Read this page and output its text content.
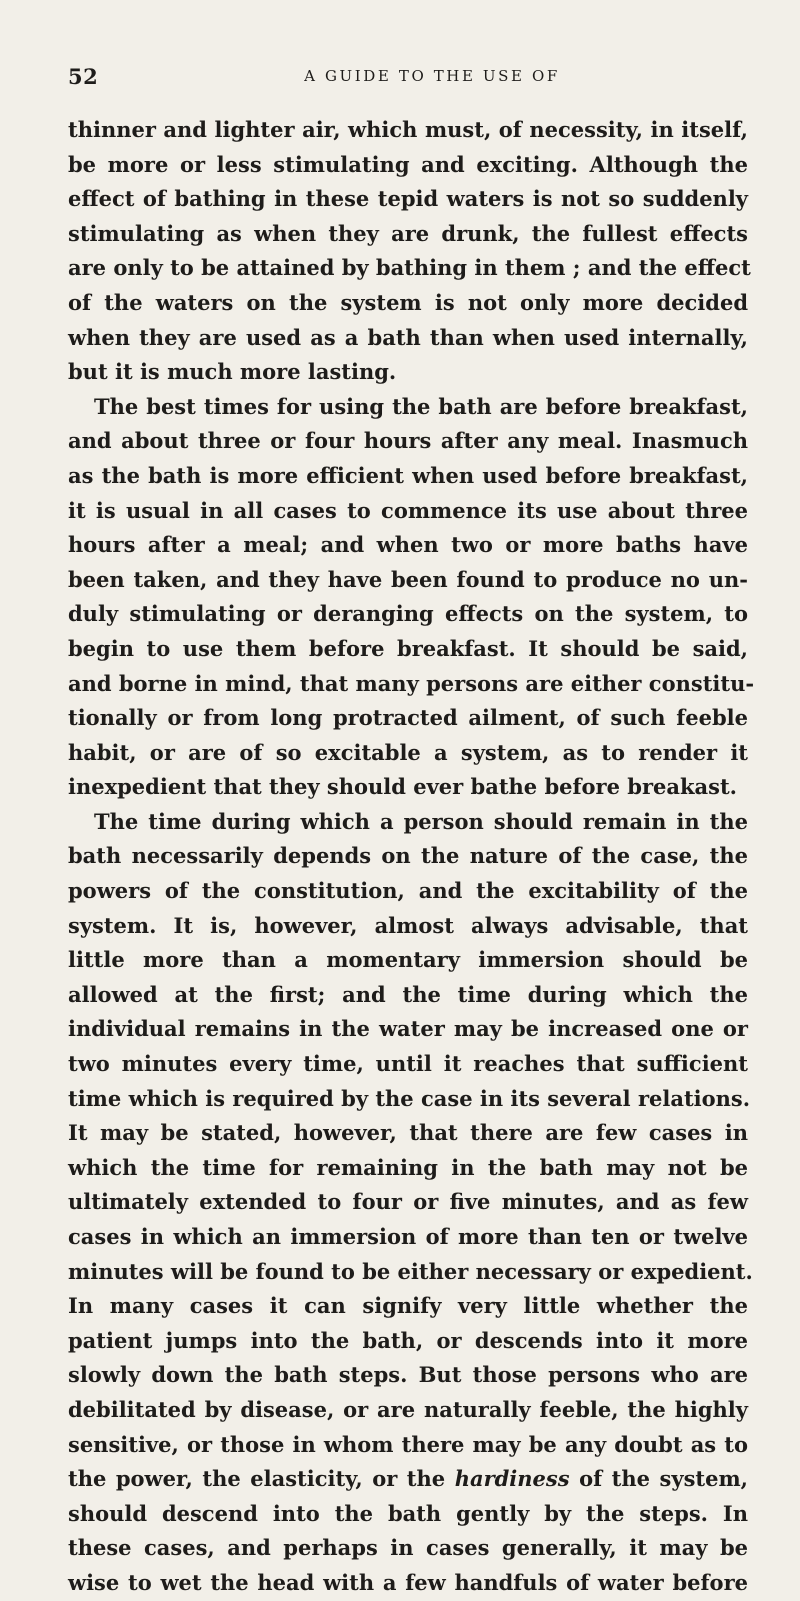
52	A GUIDE TO THE USE OF
thinner and lighter air, which must, of necessity, in itself,
be more or less stimulating and exciting. Although the
effect of bathing in these tepid waters is not so suddenly
stimulating as when they are drunk, the fullest effects
are only to be attained by bathing in them ; and the effect
of the waters on the system is not only more decided
when they are used as a bath than when used internally,
but it is much more lasting.
The best times for using the bath are before breakfast,
and about three or four hours after any meal. Inasmuch
as the bath is more efficient when used before breakfast,
it is usual in all cases to commence its use about three
hours after a meal; and when two or more baths have
been taken, and they have been found to produce no un-
duly stimulating or deranging effects on the system, to
begin to use them before breakfast. It should be said,
and borne in mind, that many persons are either constitu-
tionally or from long protracted ailment, of such feeble
habit, or are of so excitable a system, as to render it
inexpedient that they should ever bathe before breakast.
The time during which a person should remain in the
bath necessarily depends on the nature of the case, the
powers of the constitution, and the excitability of the
system. It is, however, almost always advisable, that
little more than a momentary immersion should be
allowed at the first; and the time during which the
individual remains in the water may be increased one or
two minutes every time, until it reaches that sufficient
time which is required by the case in its several relations.
It may be stated, however, that there are few cases in
which the time for remaining in the bath may not be
ultimately extended to four or five minutes, and as few
cases in which an immersion of more than ten or twelve
minutes will be found to be either necessary or expedient.
In many cases it can signify very little whether the
patient jumps into the bath, or descends into it more
slowly down the bath steps. But those persons who are
debilitated by disease, or are naturally feeble, the highly
sensitive, or those in whom there may be any doubt as to
the power, the elasticity, or the hardiness of the system,
should descend into the bath gently by the steps. In
these cases, and perhaps in cases generally, it may be
wise to wet the head with a few handfuls of water before
